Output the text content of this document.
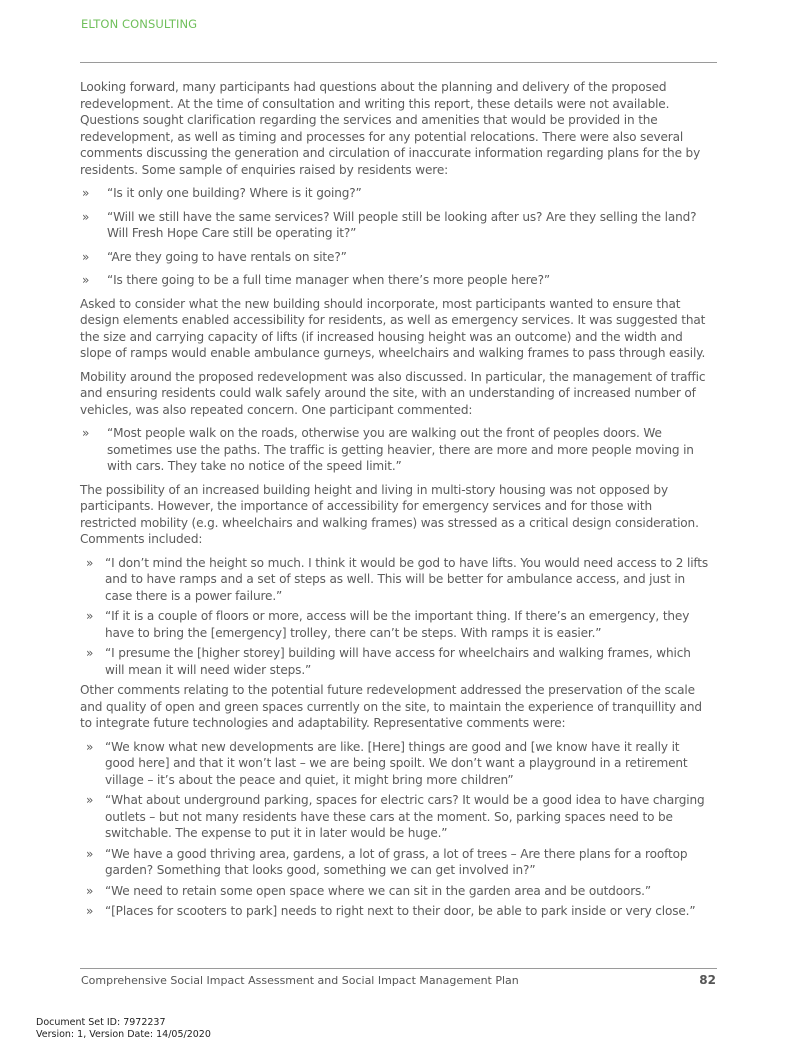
ELTON CONSULTING

Looking forward, many participants had questions about the planning and delivery of the proposed redevelopment. At the time of consultation and writing this report, these details were not available. Questions sought clarification regarding the services and amenities that would be provided in the redevelopment, as well as timing and processes for any potential relocations. There were also several comments discussing the generation and circulation of inaccurate information regarding plans for the by residents. Some sample of enquiries raised by residents were:

» “Is it only one building? Where is it going?”
» “Will we still have the same services? Will people still be looking after us? Are they selling the land? Will Fresh Hope Care still be operating it?”
» “Are they going to have rentals on site?”
» “Is there going to be a full time manager when there’s more people here?”

Asked to consider what the new building should incorporate, most participants wanted to ensure that design elements enabled accessibility for residents, as well as emergency services. It was suggested that the size and carrying capacity of lifts (if increased housing height was an outcome) and the width and slope of ramps would enable ambulance gurneys, wheelchairs and walking frames to pass through easily.

Mobility around the proposed redevelopment was also discussed. In particular, the management of traffic and ensuring residents could walk safely around the site, with an understanding of increased number of vehicles, was also repeated concern. One participant commented:

» “Most people walk on the roads, otherwise you are walking out the front of peoples doors. We sometimes use the paths. The traffic is getting heavier, there are more and more people moving in with cars. They take no notice of the speed limit.”

The possibility of an increased building height and living in multi-story housing was not opposed by participants. However, the importance of accessibility for emergency services and for those with restricted mobility (e.g. wheelchairs and walking frames) was stressed as a critical design consideration. Comments included:

» “I don’t mind the height so much. I think it would be god to have lifts. You would need access to 2 lifts and to have ramps and a set of steps as well. This will be better for ambulance access, and just in case there is a power failure.”
» “If it is a couple of floors or more, access will be the important thing. If there’s an emergency, they have to bring the [emergency] trolley, there can’t be steps. With ramps it is easier.”
» “I presume the [higher storey] building will have access for wheelchairs and walking frames, which will mean it will need wider steps.”

Other comments relating to the potential future redevelopment addressed the preservation of the scale and quality of open and green spaces currently on the site, to maintain the experience of tranquillity and to integrate future technologies and adaptability. Representative comments were:

» “We know what new developments are like. [Here] things are good and [we know have it really it good here] and that it won’t last – we are being spoilt. We don’t want a playground in a retirement village – it’s about the peace and quiet, it might bring more children”
» “What about underground parking, spaces for electric cars? It would be a good idea to have charging outlets – but not many residents have these cars at the moment. So, parking spaces need to be switchable. The expense to put it in later would be huge.”
» “We have a good thriving area, gardens, a lot of grass, a lot of trees – Are there plans for a rooftop garden? Something that looks good, something we can get involved in?”
» “We need to retain some open space where we can sit in the garden area and be outdoors.”
» “[Places for scooters to park] needs to right next to their door, be able to park inside or very close.”
Comprehensive Social Impact Assessment and Social Impact Management Plan	82
Document Set ID: 7972237
Version: 1, Version Date: 14/05/2020
